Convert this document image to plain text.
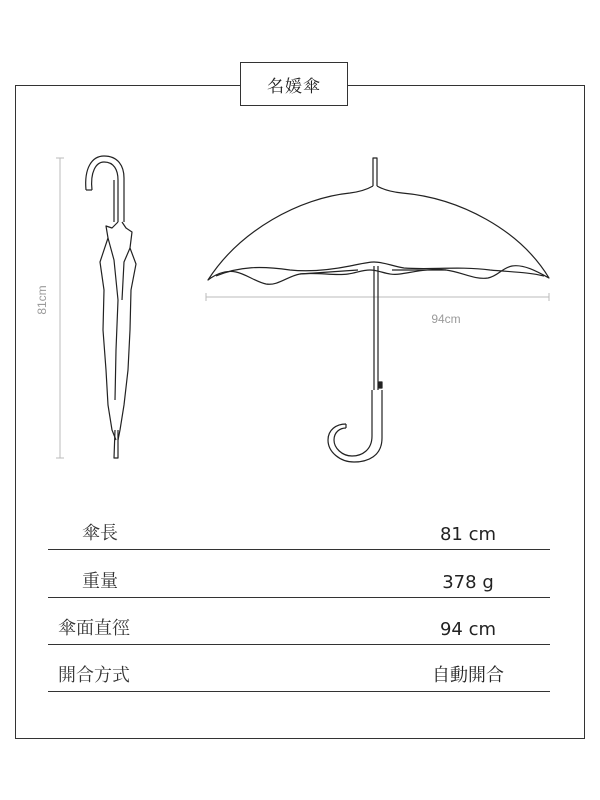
名媛傘
81cm
94cm
傘長	81 cm
重量	378 g
傘面直徑	94 cm
開合方式	自動開合
